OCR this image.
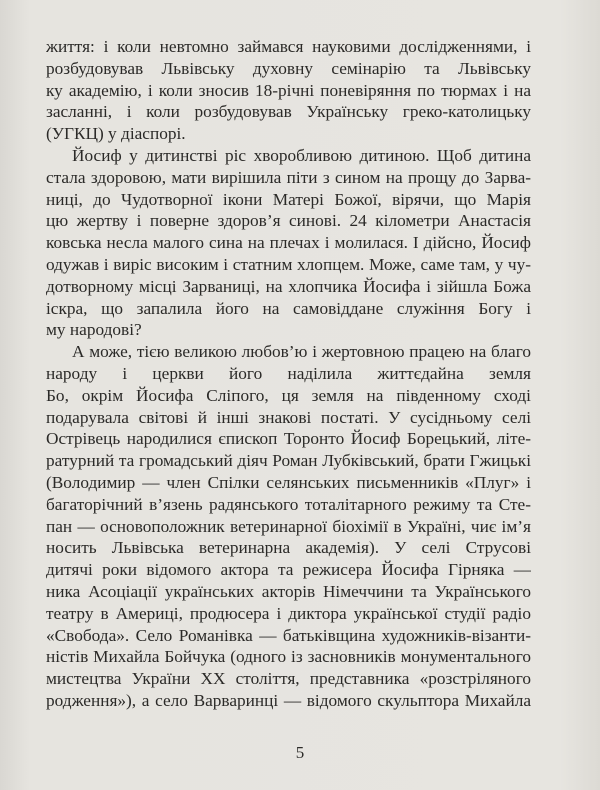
життя: і коли невтомно займався науковими дослідженнями, і
розбудовував Львівську духовну семінарію та Львівську
ку академію, і коли зносив 18-річні поневіряння по тюрмах і на
засланні, і коли розбудовував Українську греко-католицьку
(УГКЦ) у діаспорі.
Йосиф у дитинстві ріс хворобливою дитиною. Щоб дитина
стала здоровою, мати вирішила піти з сином на прощу до Зарва-
ниці, до Чудотворної ікони Матері Божої, вірячи, що Марія
цю жертву і поверне здоров’я синові. 24 кілометри Анастасія
ковська несла малого сина на плечах і молилася. І дійсно, Йосиф
одужав і виріс високим і статним хлопцем. Може, саме там, у чу-
дотворному місці Зарваниці, на хлопчика Йосифа і зійшла Божа
іскра, що запалила його на самовіддане служіння Богу і
му народові?
А може, тією великою любов’ю і жертовною працею на благо
народу і церкви його наділила життєдайна земля
Бо, окрім Йосифа Сліпого, ця земля на південному сході
подарувала світові й інші знакові постаті. У сусідньому селі
Острівець народилися єпископ Торонто Йосиф Борецький, літе-
ратурний та громадський діяч Роман Лубківський, брати Гжицькі
(Володимир — член Спілки селянських письменників «Плуг» і
багаторічний в’язень радянського тоталітарного режиму та Сте-
пан — основоположник ветеринарної біохімії в Україні, чиє ім’я
носить Львівська ветеринарна академія). У селі Струсові
дитячі роки відомого актора та режисера Йосифа Гірняка —
ника Асоціації українських акторів Німеччини та Українського
театру в Америці, продюсера і диктора української студії радіо
«Свобода». Село Романівка — батьківщина художників-візанти-
ністів Михайла Бойчука (одного із засновників монументального
мистецтва України XX століття, представника «розстріляного
родження»), а село Варваринці — відомого скульптора Михайла
5
